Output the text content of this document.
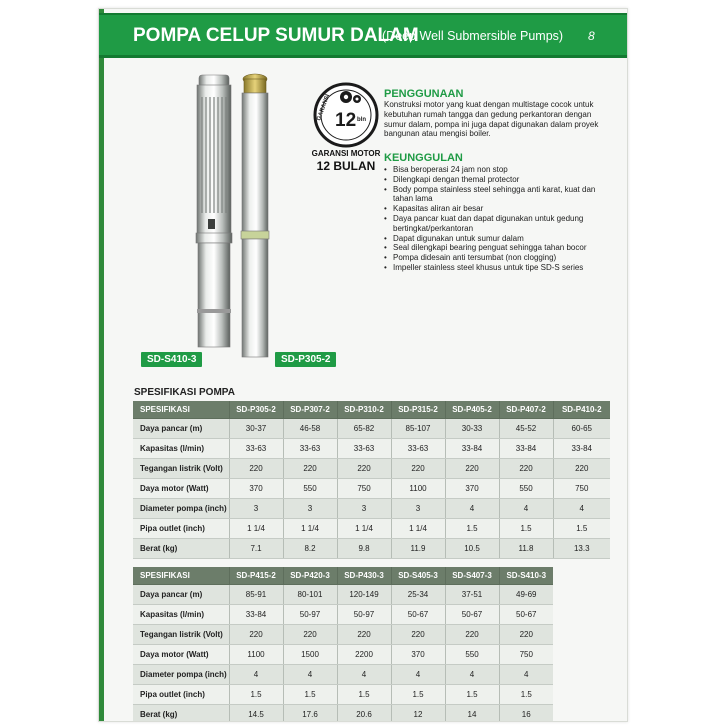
POMPA CELUP SUMUR DALAM
(Deep Well Submersible Pumps) 8
SD-S410-3	SD-P305-2
GARANSI 12 bln
GARANSI MOTOR
12 BULAN
PENGGUNAAN
Konstruksi motor yang kuat dengan multistage cocok untuk
kebutuhan rumah tangga dan gedung perkantoran dengan
sumur dalam, pompa ini juga dapat digunakan dalam proyek
bangunan atau mengisi boiler.
KEUNGGULAN
• Bisa beroperasi 24 jam non stop
• Dilengkapi dengan themal protector
• Body pompa stainless steel sehingga anti karat, kuat dan tahan lama
• Kapasitas aliran air besar
• Daya pancar kuat dan dapat digunakan untuk gedung bertingkat/perkantoran
• Dapat digunakan untuk sumur dalam
• Seal dilengkapi bearing penguat sehingga tahan bocor
• Pompa didesain anti tersumbat (non clogging)
• Impeller stainless steel khusus untuk tipe SD-S series
SPESIFIKASI POMPA
SPESIFIKASI	SD-P305-2	SD-P307-2	SD-P310-2	SD-P315-2	SD-P405-2	SD-P407-2	SD-P410-2
Daya pancar (m)	30-37	46-58	65-82	85-107	30-33	45-52	60-65
Kapasitas (l/min)	33-63	33-63	33-63	33-63	33-84	33-84	33-84
Tegangan listrik (Volt)	220	220	220	220	220	220	220
Daya motor (Watt)	370	550	750	1100	370	550	750
Diameter pompa (inch)	3	3	3	3	4	4	4
Pipa outlet (inch)	1 1/4	1 1/4	1 1/4	1 1/4	1.5	1.5	1.5
Berat (kg)	7.1	8.2	9.8	11.9	10.5	11.8	13.3
SPESIFIKASI	SD-P415-2	SD-P420-3	SD-P430-3	SD-S405-3	SD-S407-3	SD-S410-3
Daya pancar (m)	85-91	80-101	120-149	25-34	37-51	49-69
Kapasitas (l/min)	33-84	50-97	50-97	50-67	50-67	50-67
Tegangan listrik (Volt)	220	220	220	220	220	220
Daya motor (Watt)	1100	1500	2200	370	550	750
Diameter pompa (inch)	4	4	4	4	4	4
Pipa outlet (inch)	1.5	1.5	1.5	1.5	1.5	1.5
Berat (kg)	14.5	17.6	20.6	12	14	16
